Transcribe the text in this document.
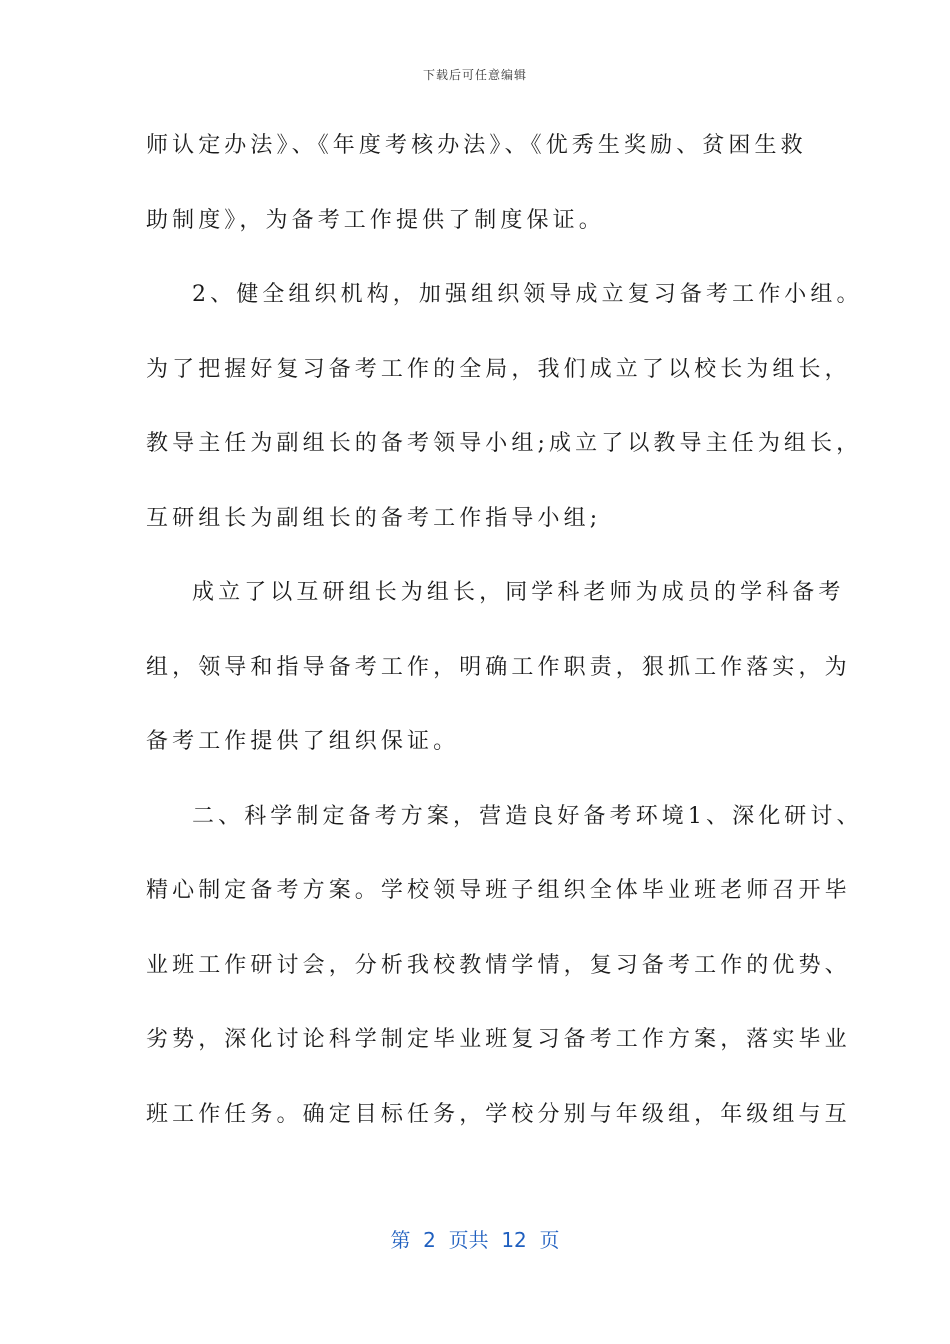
下载后可任意编辑
师认定办法》、《年度考核办法》、《优秀生奖励、贫困生救
助制度》，为备考工作提供了制度保证。
2、健全组织机构，加强组织领导成立复习备考工作小组。
为了把握好复习备考工作的全局，我们成立了以校长为组长，
教导主任为副组长的备考领导小组;成立了以教导主任为组长，
互研组长为副组长的备考工作指导小组;
成立了以互研组长为组长，同学科老师为成员的学科备考
组，领导和指导备考工作，明确工作职责，狠抓工作落实，为
备考工作提供了组织保证。
二、科学制定备考方案，营造良好备考环境1、深化研讨、
精心制定备考方案。学校领导班子组织全体毕业班老师召开毕
业班工作研讨会，分析我校教情学情，复习备考工作的优势、
劣势，深化讨论科学制定毕业班复习备考工作方案，落实毕业
班工作任务。确定目标任务，学校分别与年级组，年级组与互
第  2  页共  12  页
